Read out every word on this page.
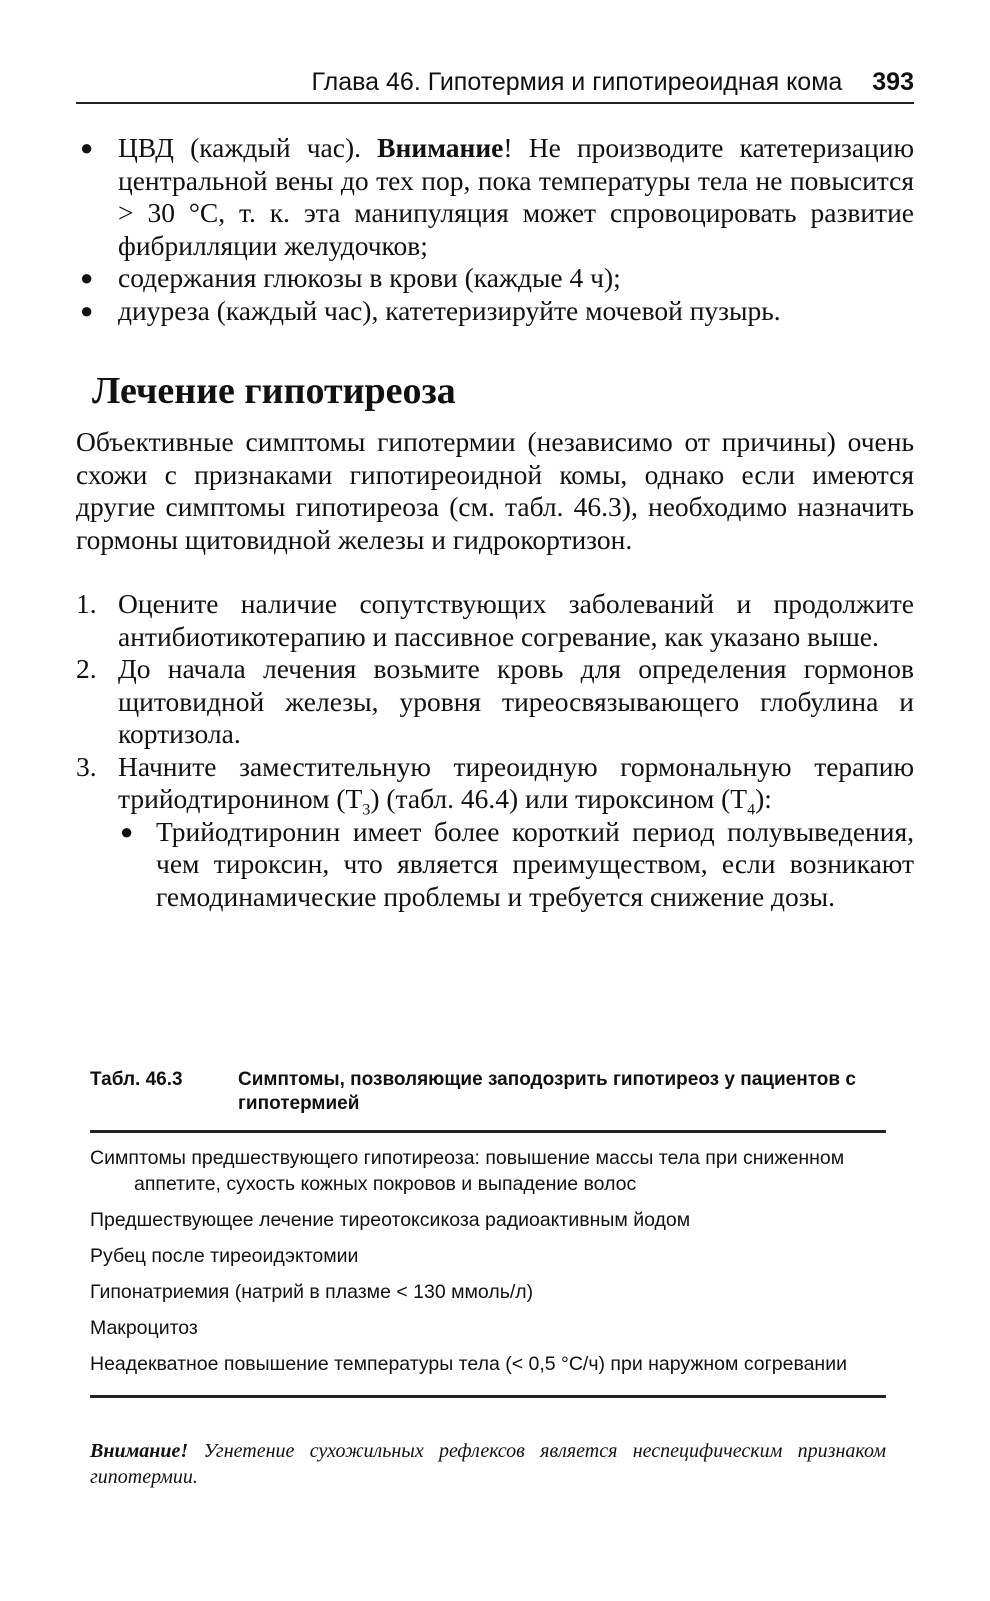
Глава 46. Гипотермия и гипотиреоидная кома 393
● ЦВД (каждый час). Внимание! Не производите катетеризацию центральной вены до тех пор, пока температуры тела не повысится > 30 °С, т. к. эта манипуляция может спровоцировать развитие фибрилляции желудочков;
● содержания глюкозы в крови (каждые 4 ч);
● диуреза (каждый час), катетеризируйте мочевой пузырь.
Лечение гипотиреоза

Объективные симптомы гипотермии (независимо от причины) очень схожи с признаками гипотиреоидной комы, однако если имеются другие симптомы гипотиреоза (см. табл. 46.3), необходимо назначить гормоны щитовидной железы и гидрокортизон.

1. Оцените наличие сопутствующих заболеваний и продолжите антибиотикотерапию и пассивное согревание, как указано выше.
2. До начала лечения возьмите кровь для определения гормонов щитовидной железы, уровня тиреосвязывающего глобулина и кортизола.
3. Начните заместительную тиреоидную гормональную терапию трийодтиронином $(Т_3)$ (табл. 46.4) или тироксином $(Т_4)$:
● Трийодтиронин имеет более короткий период полувыведения, чем тироксин, что является преимуществом, если возникают гемодинамические проблемы и требуется снижение дозы.
Табл. 46.3	Симптомы, позволяющие заподозрить гипотиреоз у пациентов с гипотермией
Симптомы предшествующего гипотиреоза: повышение массы тела при сниженном аппетите, сухость кожных покровов и выпадение волос
Предшествующее лечение тиреотоксикоза радиоактивным йодом
Рубец после тиреоидэктомии
Гипонатриемия (натрий в плазме < 130 ммоль/л)
Макроцитоз
Неадекватное повышение температуры тела (< 0,5 °С/ч) при наружном согревании

Внимание! Угнетение сухожильных рефлексов является неспецифическим признаком гипотермии.
